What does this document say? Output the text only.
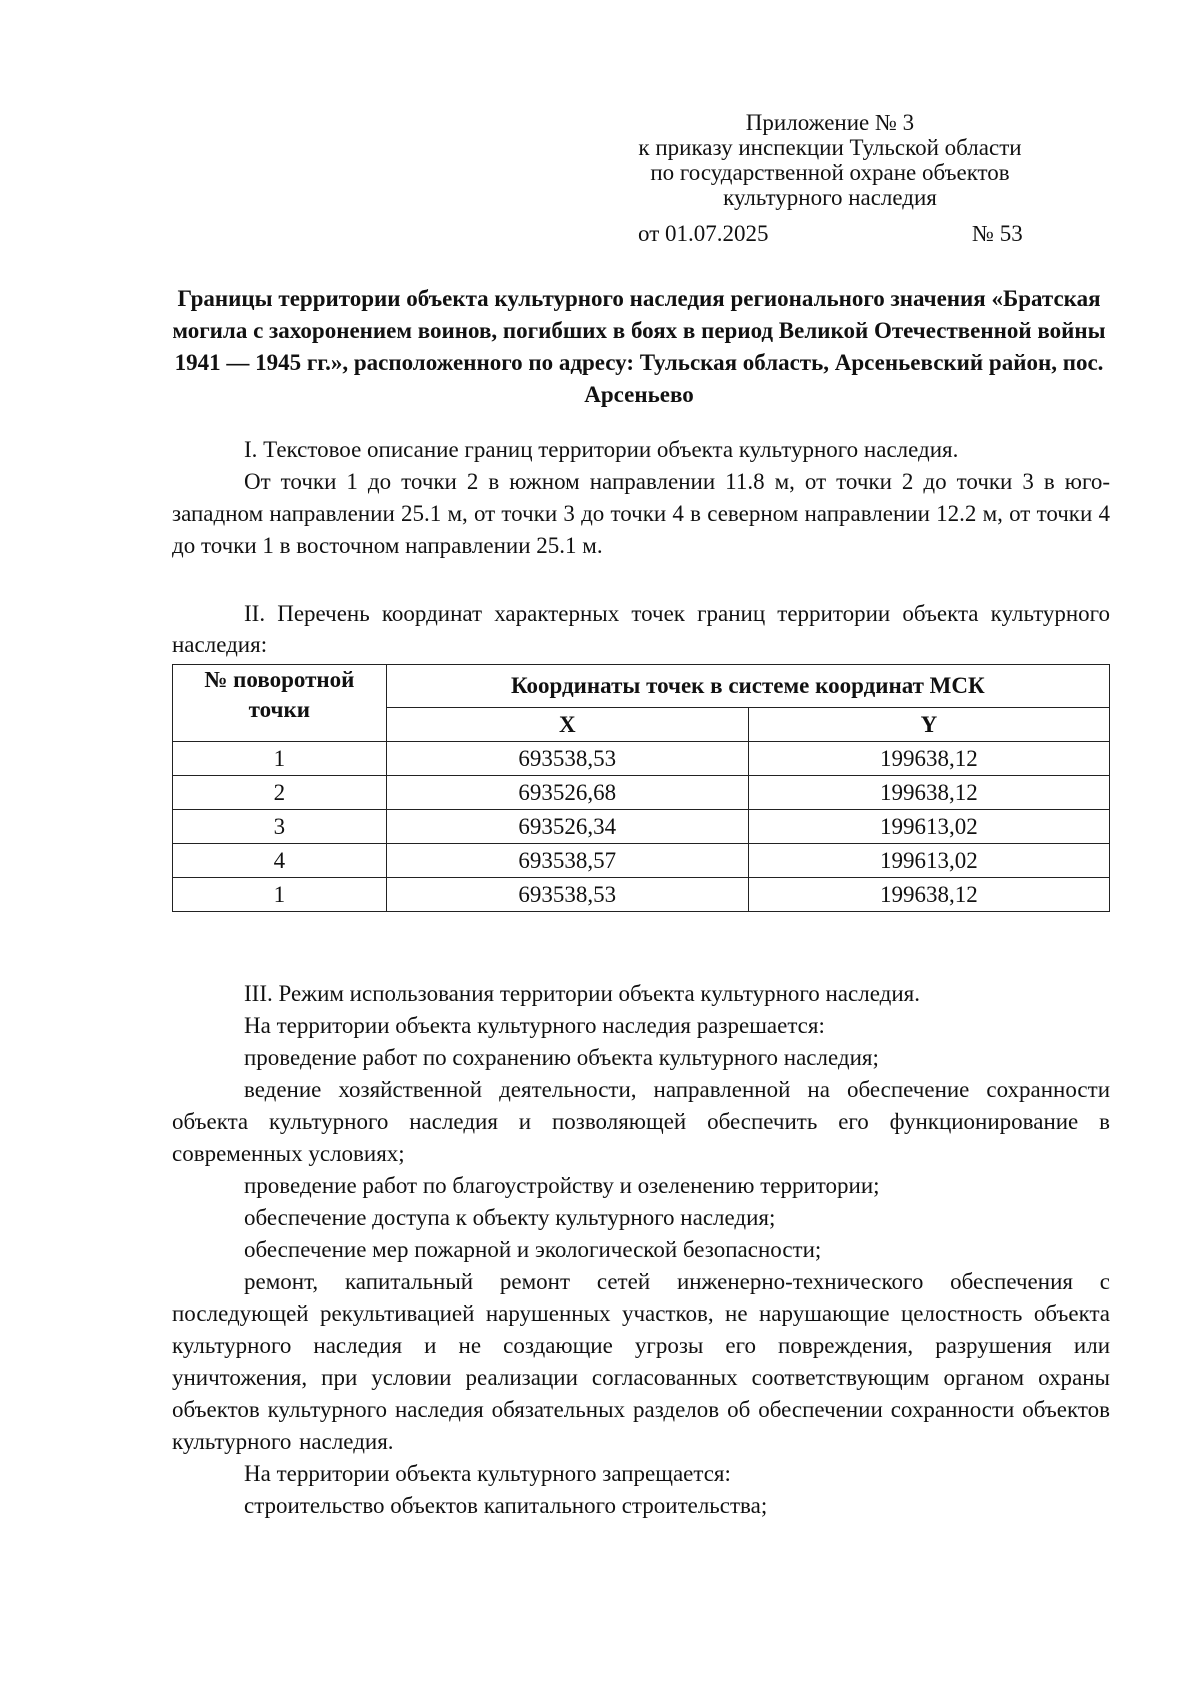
Приложение № 3
к приказу инспекции Тульской области
по государственной охране объектов
культурного наследия
от 01.07.2025	№ 53
Границы территории объекта культурного наследия регионального значения «Братская могила с захоронением воинов, погибших в боях в период Великой Отечественной войны 1941 — 1945 гг.», расположенного по адресу: Тульская область, Арсеньевский район, пос. Арсеньево

I. Текстовое описание границ территории объекта культурного наследия.

От точки 1 до точки 2 в южном направлении 11.8 м, от точки 2 до точки 3 в юго-западном направлении 25.1 м, от точки 3 до точки 4 в северном направлении 12.2 м, от точки 4 до точки 1 в восточном направлении 25.1 м.

II. Перечень координат характерных точек границ территории объекта культурного наследия:

№ поворотной точки	Координаты точек в системе координат МСК	
	X	Y
1	693538,53	199638,12
2	693526,68	199638,12
3	693526,34	199613,02
4	693538,57	199613,02
1	693538,53	199638,12

III. Режим использования территории объекта культурного наследия.

На территории объекта культурного наследия разрешается:

проведение работ по сохранению объекта культурного наследия;

ведение хозяйственной деятельности, направленной на обеспечение сохранности объекта культурного наследия и позволяющей обеспечить его функционирование в современных условиях;

проведение работ по благоустройству и озеленению территории;

обеспечение доступа к объекту культурного наследия;

обеспечение мер пожарной и экологической безопасности;

ремонт, капитальный ремонт сетей инженерно-технического обеспечения с последующей рекультивацией нарушенных участков, не нарушающие целостность объекта культурного наследия и не создающие угрозы его повреждения, разрушения или уничтожения, при условии реализации согласованных соответствующим органом охраны объектов культурного наследия обязательных разделов об обеспечении сохранности объектов культурного наследия.

На территории объекта культурного запрещается:

строительство объектов капитального строительства;
